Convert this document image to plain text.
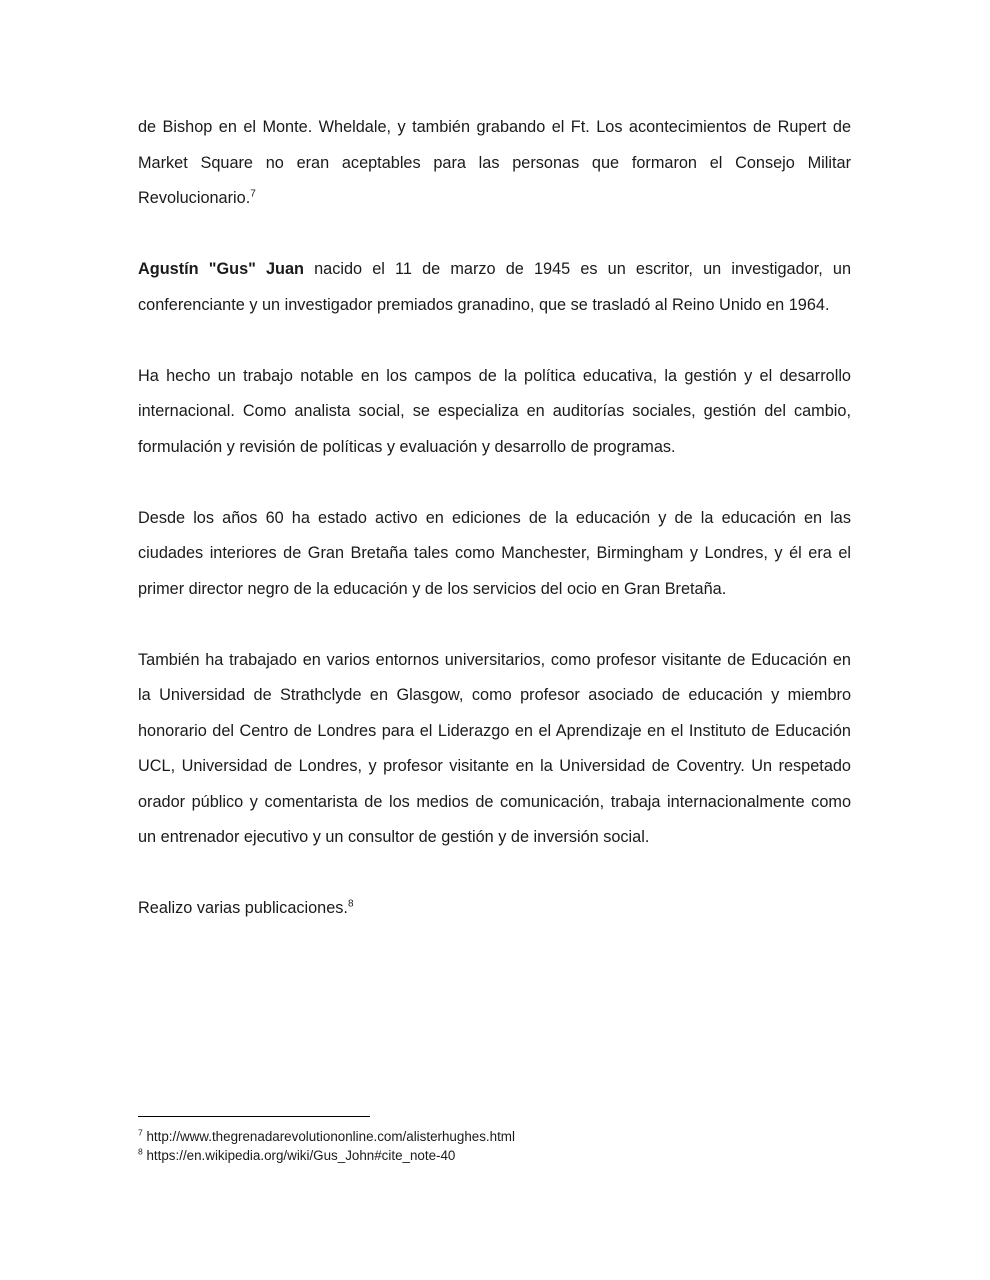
de Bishop en el Monte. Wheldale, y también grabando el Ft. Los acontecimientos de Rupert de Market Square no eran aceptables para las personas que formaron el Consejo Militar Revolucionario.$^7$

Agustín "Gus" Juan nacido el 11 de marzo de 1945 es un escritor, un investigador, un conferenciante y un investigador premiados granadino, que se trasladó al Reino Unido en 1964.

Ha hecho un trabajo notable en los campos de la política educativa, la gestión y el desarrollo internacional. Como analista social, se especializa en auditorías sociales, gestión del cambio, formulación y revisión de políticas y evaluación y desarrollo de programas.

Desde los años 60 ha estado activo en ediciones de la educación y de la educación en las ciudades interiores de Gran Bretaña tales como Manchester, Birmingham y Londres, y él era el primer director negro de la educación y de los servicios del ocio en Gran Bretaña.

También ha trabajado en varios entornos universitarios, como profesor visitante de Educación en la Universidad de Strathclyde en Glasgow, como profesor asociado de educación y miembro honorario del Centro de Londres para el Liderazgo en el Aprendizaje en el Instituto de Educación UCL, Universidad de Londres, y profesor visitante en la Universidad de Coventry. Un respetado orador público y comentarista de los medios de comunicación, trabaja internacionalmente como un entrenador ejecutivo y un consultor de gestión y de inversión social.

Realizo varias publicaciones.$^8$

$^7$ http://www.thegrenadarevolutiononline.com/alisterhughes.html

$^8$ https://en.wikipedia.org/wiki/Gus_John#cite_note-40
